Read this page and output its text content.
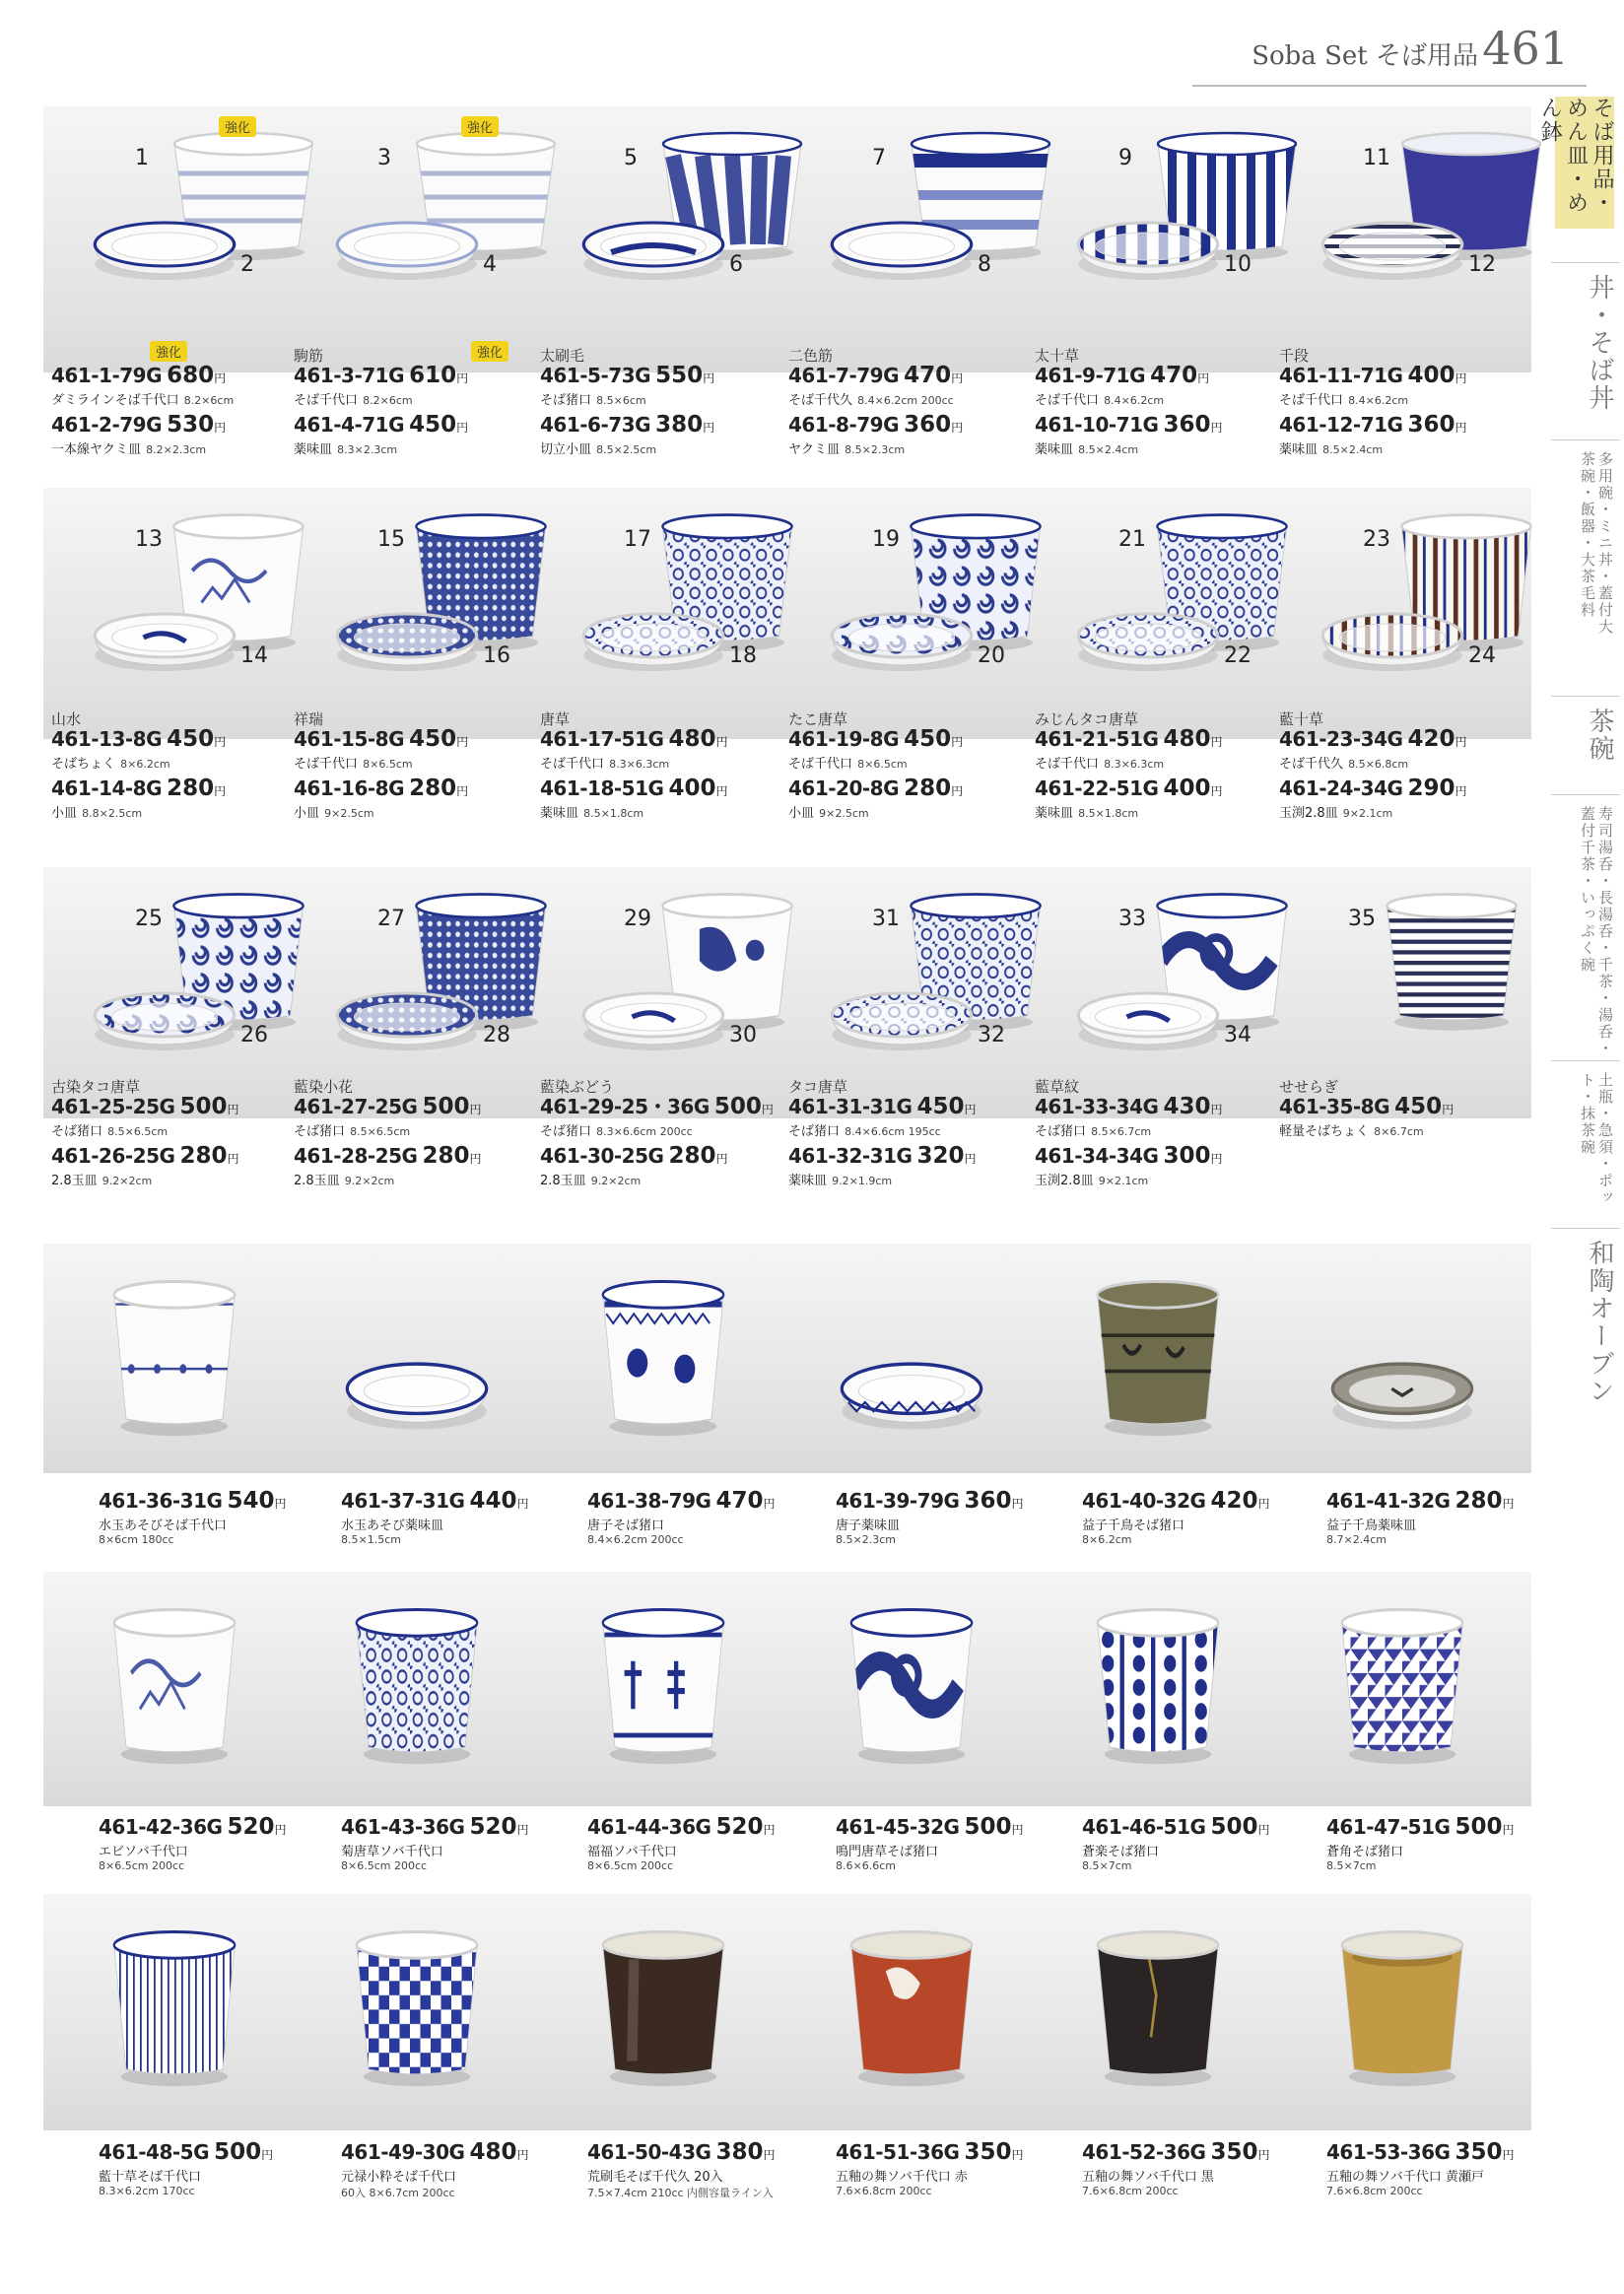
Soba Set そば用品 461
そば用品・めん皿・めん鉢
丼・そば丼
多用碗・ミニ丼・蓋付大茶碗・飯器・大茶毛料
茶碗
寿司湯呑・長湯呑・千茶・湯呑・蓋付千茶・いっぷく碗
土瓶・急須・ポット・抹茶碗
和陶オーブン
1
2
3
4
5
6
7
8
9
10
11
12
461-1-79G 680円
ダミラインそば千代口 8.2×6cm
461-2-79G 530円
一本線ヤクミ皿 8.2×2.3cm
強化
強化
駒筋
461-3-71G 610円
そば千代口 8.2×6cm
461-4-71G 450円
薬味皿 8.3×2.3cm
強化
強化
太刷毛
461-5-73G 550円
そば猪口 8.5×6cm
461-6-73G 380円
切立小皿 8.5×2.5cm
二色筋
461-7-79G 470円
そば千代久 8.4×6.2cm 200cc
461-8-79G 360円
ヤクミ皿 8.5×2.3cm
太十草
461-9-71G 470円
そば千代口 8.4×6.2cm
461-10-71G 360円
薬味皿 8.5×2.4cm
千段
461-11-71G 400円
そば千代口 8.4×6.2cm
461-12-71G 360円
薬味皿 8.5×2.4cm
13
14
15
16
17
18
19
20
21
22
23
24
山水
461-13-8G 450円
そばちょく 8×6.2cm
461-14-8G 280円
小皿 8.8×2.5cm
祥瑞
461-15-8G 450円
そば千代口 8×6.5cm
461-16-8G 280円
小皿 9×2.5cm
唐草
461-17-51G 480円
そば千代口 8.3×6.3cm
461-18-51G 400円
薬味皿 8.5×1.8cm
たこ唐草
461-19-8G 450円
そば千代口 8×6.5cm
461-20-8G 280円
小皿 9×2.5cm
みじんタコ唐草
461-21-51G 480円
そば千代口 8.3×6.3cm
461-22-51G 400円
薬味皿 8.5×1.8cm
藍十草
461-23-34G 420円
そば千代久 8.5×6.8cm
461-24-34G 290円
玉渕2.8皿 9×2.1cm
25
26
27
28
29
30
31
32
33
34
35
古染タコ唐草
461-25-25G 500円
そば猪口 8.5×6.5cm
461-26-25G 280円
2.8玉皿 9.2×2cm
藍染小花
461-27-25G 500円
そば猪口 8.5×6.5cm
461-28-25G 280円
2.8玉皿 9.2×2cm
藍染ぶどう
461-29-25・36G 500円
そば猪口 8.3×6.6cm 200cc
461-30-25G 280円
2.8玉皿 9.2×2cm
タコ唐草
461-31-31G 450円
そば猪口 8.4×6.6cm 195cc
461-32-31G 320円
薬味皿 9.2×1.9cm
藍草紋
461-33-34G 430円
そば猪口 8.5×6.7cm
461-34-34G 300円
玉渕2.8皿 9×2.1cm
せせらぎ
461-35-8G 450円
軽量そばちょく 8×6.7cm
461-36-31G 540円
水玉あそびそば千代口
8×6cm 180cc
461-37-31G 440円
水玉あそび薬味皿
8.5×1.5cm
461-38-79G 470円
唐子そば猪口
8.4×6.2cm 200cc
461-39-79G 360円
唐子薬味皿
8.5×2.3cm
461-40-32G 420円
益子千鳥そば猪口
8×6.2cm
461-41-32G 280円
益子千鳥薬味皿
8.7×2.4cm
461-42-36G 520円
エビソバ千代口
8×6.5cm 200cc
461-43-36G 520円
菊唐草ソバ千代口
8×6.5cm 200cc
461-44-36G 520円
福福ソバ千代口
8×6.5cm 200cc
461-45-32G 500円
鳴門唐草そば猪口
8.6×6.6cm
461-46-51G 500円
蒼楽そば猪口
8.5×7cm
461-47-51G 500円
蒼角そば猪口
8.5×7cm
461-48-5G 500円
藍十草そば千代口
8.3×6.2cm 170cc
461-49-30G 480円
元禄小粋そば千代口
60入 8×6.7cm 200cc
461-50-43G 380円
荒刷毛そば千代久 20入
7.5×7.4cm 210cc 内側容量ライン入
461-51-36G 350円
五釉の舞ソバ千代口 赤
7.6×6.8cm 200cc
461-52-36G 350円
五釉の舞ソバ千代口 黒
7.6×6.8cm 200cc
461-53-36G 350円
五釉の舞ソバ千代口 黄瀬戸
7.6×6.8cm 200cc
